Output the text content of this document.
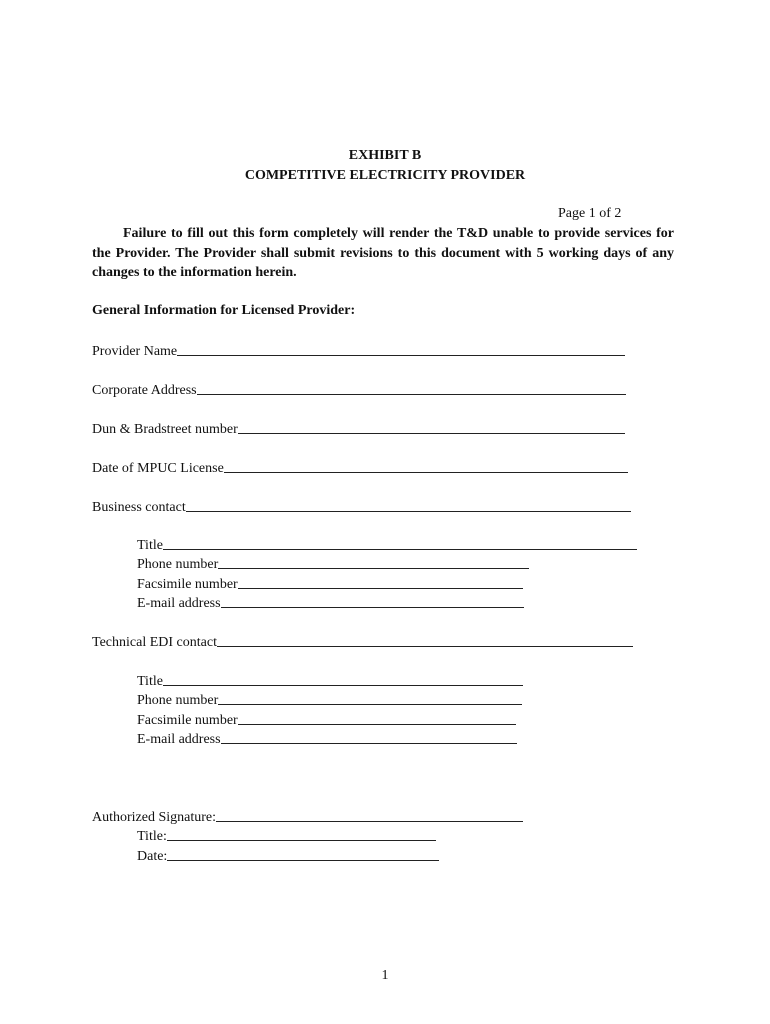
EXHIBIT B
COMPETITIVE ELECTRICITY PROVIDER
Page 1 of 2
Failure to fill out this form completely will render the T&D unable to provide services for the Provider. The Provider shall submit revisions to this document with 5 working days of any changes to the information herein.
General Information for Licensed Provider:
Provider Name
Corporate Address
Dun & Bradstreet number
Date of MPUC License
Business contact
Title
Phone number
Facsimile number
E-mail address
Technical EDI contact
Title
Phone number
Facsimile number
E-mail address
Authorized Signature:
Title:
Date:
1
